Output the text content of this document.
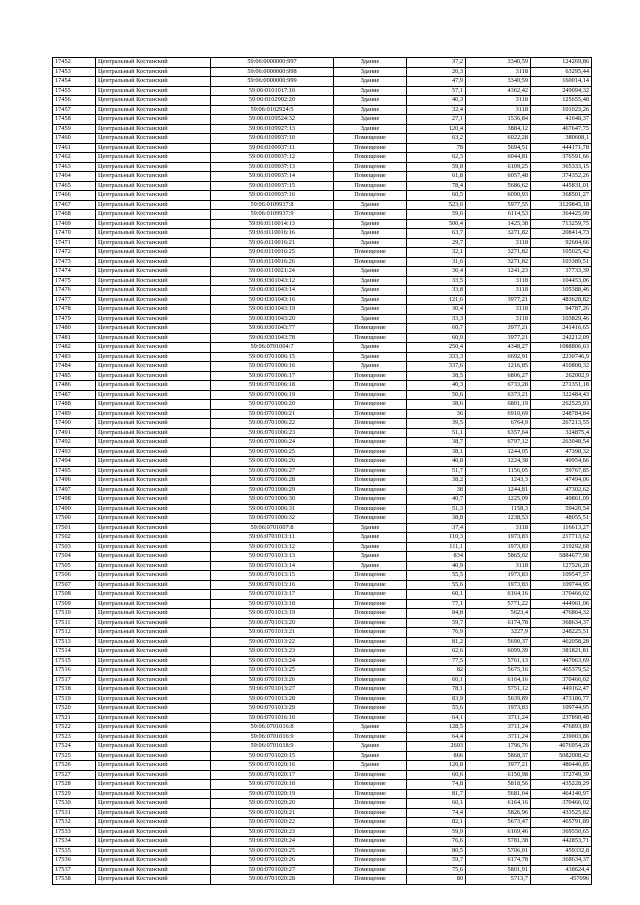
17452	Центральный Костанский	59:06:0000000:997	Здание	37,2	3340,59	124269,86
17453	Центральный Костанский	59:06:0000000:998	Здание	20,3	3118	63295,44
17454	Центральный Костанский	59:06:0000000:999	Здание	47,9	3340,59	160014,14
17455	Центральный Костанский	59:06:0101017:10	Здание	57,1	4362,42	249094,32
17456	Центральный Костанский	59:06:0102902:20	Здание	40,3	3118	125655,48
17457	Центральный Костанский	59:06:0102924:5	Здание	32,4	3118	101023,26
17458	Центральный Костанский	59:06:0109524:32	Здание	27,1	1536,84	41648,37
17459	Центральный Костанский	59:06:0109927:13	Здание	120,4	3884,12	467647,75
17460	Центральный Костанский	59:06:0109937:10	Помещение	63,2	6022,28	380608,1
17461	Центральный Костанский	59:06:0109937:11	Помещение	78	5694,51	444171,78
17462	Центральный Костанский	59:06:0109937:12	Помещение	62,3	6044,81	376591,66
17463	Центральный Костанский	59:06:0109937:13	Помещение	59,8	6109,25	365333,15
17464	Центральный Костанский	59:06:0109937:14	Помещение	61,8	6057,48	374352,26
17465	Центральный Костанский	59:06:0109937:15	Помещение	78,4	5686,62	445831,01
17466	Центральный Костанский	59:06:0109937:16	Помещение	60,5	6090,93	368501,27
17467	Центральный Костанский	59:06:0109937:8	Здание	523,6	5977,55	3129845,18
17468	Центральный Костанский	59:06:0109937:9	Помещение	59,6	6114,53	364425,99
17469	Центральный Костанский	59:06:0110014:13	Здание	500,4	1425,38	713259,75
17470	Центральный Костанский	59:06:0110016:16	Здание	63,7	3271,82	208414,73
17471	Центральный Костанский	59:06:0110016:21	Здание	29,7	3118	92604,66
17472	Центральный Костанский	59:06:0110016:25	Помещение	32,1	3271,82	105025,42
17473	Центральный Костанский	59:06:0110016:26	Помещение	31,6	3271,82	103389,51
17474	Центральный Костанский	59:06:0110021:24	Здание	30,4	1241,23	37733,39
17475	Центральный Костанский	59:06:0301043:12	Здание	33,5	3118	104453,06
17476	Центральный Костанский	59:06:0301043:14	Здание	33,8	3118	105388,46
17477	Центральный Костанский	59:06:0301043:16	Здание	121,6	3977,21	483628,82
17478	Центральный Костанский	59:06:0301043:19	Здание	30,4	3118	94787,26
17479	Центральный Костанский	59:06:0301043:20	Здание	33,3	3118	103829,46
17480	Центральный Костанский	59:06:0301043:77	Помещение	60,7	3977,21	241416,65
17481	Центральный Костанский	59:06:0301043:78	Помещение	60,9	3977,21	242212,09
17482	Центральный Костанский	59:06:0701004:7	Здание	250,4	4348,27	1088806,63
17483	Центральный Костанский	59:06:0701006:15	Здание	333,3	6692,91	2230746,9
17484	Центральный Костанский	59:06:0701006:16	Здание	337,6	1216,85	410808,32
17485	Центральный Костанский	59:06:0701006:17	Помещение	38,5	6806,27	262002,9
17486	Центральный Костанский	59:06:0701006:18	Помещение	40,3	6733,28	271351,18
17487	Центральный Костанский	59:06:0701006:19	Помещение	50,6	6373,21	322484,43
17488	Центральный Костанский	59:06:0701006:20	Помещение	38,6	6801,19	262525,93
17489	Центральный Костанский	59:06:0701006:21	Помещение	36	6910,69	248784,84
17490	Центральный Костанский	59:06:0701006:22	Помещение	39,5	6764,9	267213,55
17491	Центральный Костанский	59:06:0701006:23	Помещение	51,1	6357,64	324875,4
17492	Центральный Костанский	59:06:0701006:24	Помещение	38,7	6797,12	263048,54
17493	Центральный Костанский	59:06:0701006:25	Помещение	38,1	1244,05	47398,32
17494	Центральный Костанский	59:06:0701006:26	Помещение	40,8	1224,38	49954,66
17495	Центральный Костанский	59:06:0701006:27	Помещение	51,7	1156,05	59767,85
17496	Центральный Костанский	59:06:0701006:28	Помещение	38,2	1243,3	47494,06
17497	Центральный Костанский	59:06:0701006:29	Помещение	38	1244,81	47302,62
17498	Центральный Костанский	59:06:0701006:30	Помещение	40,7	1225,09	49861,09
17499	Центральный Костанский	59:06:0701006:31	Помещение	51,3	1158,3	59420,54
17500	Центральный Костанский	59:06:0701006:32	Помещение	38,8	1238,53	48055,51
17501	Центральный Костанский	59:06:0701007:8	Здание	37,4	3118	116613,27
17502	Центральный Костанский	59:06:0701013:11	Здание	110,3	1973,83	217713,62
17503	Центральный Костанский	59:06:0701013:12	Здание	111,1	1973,83	219292,68
17504	Центральный Костанский	59:06:0701013:13	Здание	834	5865,02	5884677,98
17505	Центральный Костанский	59:06:0701013:14	Здание	40,9	3118	127526,28
17506	Центральный Костанский	59:06:0701013:15	Помещение	55,5	1973,83	109547,57
17507	Центральный Костанский	59:06:0701013:16	Помещение	55,6	1973,83	109744,95
17508	Центральный Костанский	59:06:0701013:17	Помещение	60,1	6164,16	370466,02
17509	Центральный Костанский	59:06:0701013:18	Помещение	77,1	5771,22	444961,06
17510	Центральный Костанский	59:06:0701013:19	Помещение	84,8	5623,4	476864,32
17511	Центральный Костанский	59:06:0701013:20	Помещение	59,7	6174,78	368634,37
17512	Центральный Костанский	59:06:0701013:21	Помещение	76,9	3227,9	248225,51
17513	Центральный Костанский	59:06:0701013:22	Помещение	81,2	5690,37	462058,28
17514	Центральный Костанский	59:06:0701013:23	Помещение	62,6	6099,39	381821,81
17515	Центральный Костанский	59:06:0701013:24	Помещение	77,5	5761,13	447063,69
17516	Центральный Костанский	59:06:0701013:25	Помещение	82	5675,16	465379,52
17517	Центральный Костанский	59:06:0701013:26	Помещение	60,1	6164,16	370466,02
17518	Центральный Костанский	59:06:0701013:27	Помещение	78,1	5751,12	449162,47
17519	Центральный Костанский	59:06:0701013:28	Помещение	83,9	5639,89	473186,77
17520	Центральный Костанский	59:06:0701013:29	Помещение	55,6	1973,83	109744,95
17521	Центральный Костанский	59:06:0701016:10	Помещение	64,1	3711,24	237890,48
17522	Центральный Костанский	59:06:0701016:8	Здание	128,5	3711,24	476893,89
17523	Центральный Костанский	59:06:0701016:9	Помещение	64,4	3711,24	239003,86
17524	Центральный Костанский	59:06:0701018:9	Здание	2603	1796,76	4676954,28
17525	Центральный Костанский	59:06:0701020:15	Здание	866	5868,37	5082008,42
17526	Центральный Костанский	59:06:0701020:16	Здание	120,8	3977,21	480446,85
17527	Центральный Костанский	59:06:0701020:17	Помещение	60,6	6150,98	372749,39
17528	Центральный Костанский	59:06:0701020:18	Помещение	74,8	5818,56	435228,29
17529	Центральный Костанский	59:06:0701020:19	Помещение	81,7	5681,04	464140,97
17530	Центральный Костанский	59:06:0701020:20	Помещение	60,1	6164,16	370466,02
17531	Центральный Костанский	59:06:0701020:21	Помещение	74,4	5826,96	433525,82
17532	Центральный Костанский	59:06:0701020:22	Помещение	82,1	5673,47	465791,89
17533	Центральный Костанский	59:06:0701020:23	Помещение	59,9	6169,46	369550,65
17534	Центральный Костанский	59:06:0701020:24	Помещение	76,6	5781,38	442853,71
17535	Центральный Костанский	59:06:0701020:25	Помещение	80,5	5706,01	459332,8
17536	Центральный Костанский	59:06:0701020:26	Помещение	59,7	6174,78	368634,37
17537	Центральный Костанский	59:06:0701020:27	Помещение	75,6	5801,91	438624,4
17538	Центральный Костанский	59:06:0701020:28	Помещение	80	5713,7	457096
